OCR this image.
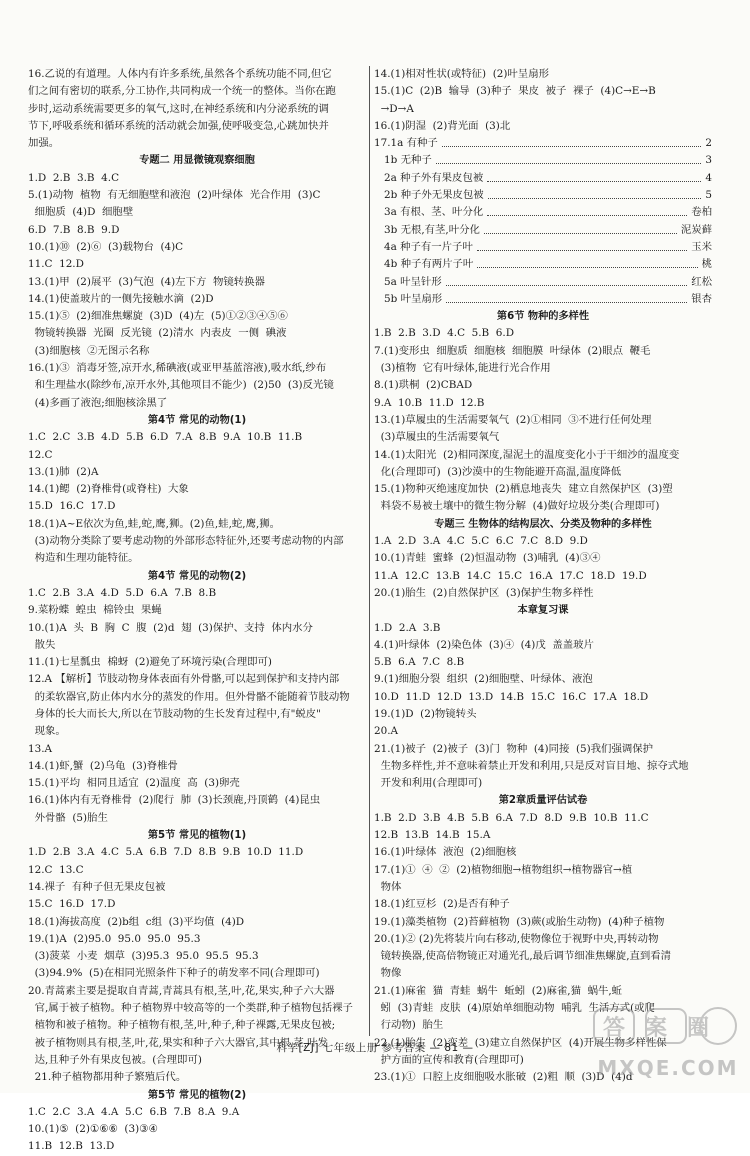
16.乙说的有道理。人体内有许多系统,虽然各个系统功能不同,但它
们之间有密切的联系,分工协作,共同构成一个统一的整体。当你在跑
步时,运动系统需要更多的氧气,这时,在神经系统和内分泌系统的调
节下,呼吸系统和循环系统的活动就会加强,使呼吸变急,心跳加快并
加强。
专题二 用显微镜观察细胞
1.D  2.B  3.B  4.C
5.(1)动物  植物  有无细胞壁和液泡  (2)叶绿体  光合作用  (3)C
细胞质  (4)D  细胞壁
6.D  7.B  8.B  9.D
10.(1)⑩  (2)⑥  (3)载物台  (4)C
11.C  12.D
13.(1)甲  (2)展平  (3)气泡  (4)左下方  物镜转换器
14.(1)使盖玻片的一侧先接触水滴  (2)D
15.(1)⑤  (2)细准焦螺旋  (3)D  (4)左  (5)①②③④⑤⑥
物镜转换器  光圈  反光镜  (2)清水  内表皮  一侧  碘液
(3)细胞核  ②无图示名称
16.(1)③  消毒牙签,凉开水,稀碘液(或亚甲基蓝溶液),吸水纸,纱布
和生理盐水(除纱布,凉开水外,其他项目不能少)  (2)50  (3)反光镜
(4)多画了液泡;细胞核涂黑了
第4节 常见的动物(1)
1.C  2.C  3.B  4.D  5.B  6.D  7.A  8.B  9.A  10.B  11.B
12.C
13.(1)肺  (2)A
14.(1)鳃  (2)脊椎骨(或脊柱)  大象
15.D  16.C  17.D
18.(1)A~E依次为鱼,蛙,蛇,鹰,狮。(2)鱼,蛙,蛇,鹰,狮。
(3)动物分类除了要考虑动物的外部形态特征外,还要考虑动物的内部
构造和生理功能特征。
第4节 常见的动物(2)
1.C  2.B  3.A  4.D  5.D  6.A  7.B  8.B
9.菜粉蝶  蝗虫  棉铃虫  果蝇
10.(1)A  头  B  胸  C  腹  (2)d  翅  (3)保护、支持  体内水分
散失
11.(1)七星瓢虫  棉蚜  (2)避免了环境污染(合理即可)
12.A 【解析】节肢动物身体表面有外骨骼,可以起到保护和支持内部
的柔软器官,防止体内水分的蒸发的作用。但外骨骼不能随着节肢动物
身体的长大而长大,所以在节肢动物的生长发育过程中,有"蜕皮"
现象。
13.A
14.(1)虾,蟹  (2)乌龟  (3)脊椎骨
15.(1)平均  相同且适宜  (2)温度  高  (3)卵壳
16.(1)体内有无脊椎骨  (2)爬行  肺  (3)长颈鹿,丹顶鹤  (4)昆虫
外骨骼  (5)胎生
第5节 常见的植物(1)
1.D  2.B  3.A  4.C  5.A  6.B  7.D  8.B  9.B  10.D  11.D
12.C  13.C
14.裸子  有种子但无果皮包被
15.C  16.D  17.D
18.(1)海拔高度  (2)b组  c组  (3)平均值  (4)D
19.(1)A  (2)95.0  95.0  95.0  95.3
(3)菠菜  小麦  烟草  (3)95.3  95.0  95.5  95.3
(3)94.9%  (5)在相同光照条件下种子的萌发率不同(合理即可)
20.青蒿素主要是提取自青蒿,青蒿具有根,茎,叶,花,果实,种子六大器
官,属于被子植物。种子植物界中较高等的一个类群,种子植物包括裸子
植物和被子植物。种子植物有根,茎,叶,种子,种子裸露,无果皮包被;
被子植物则具有根,茎,叶,花,果实和种子六大器官,其中根,茎,叶发
达,且种子外有果皮包被。(合理即可)
21.种子植物都用种子繁殖后代。
第5节 常见的植物(2)
1.C  2.C  3.A  4.A  5.C  6.B  7.B  8.A  9.A
10.(1)⑤  (2)①⑥⑥  (3)③④
11.B  12.B  13.D
14.(1)相对性状(或特征)  (2)叶呈扇形
15.(1)C  (2)B  输导  (3)种子  果皮  被子  裸子  (4)C→E→B
→D→A
16.(1)阴湿  (2)背光面  (3)北
17.1a 有种子	2
1b 无种子	3
2a 种子外有果皮包被	4
2b 种子外无果皮包被	5
3a 有根、茎、叶分化	卷柏
3b 无根,有茎,叶分化	泥炭藓
4a 种子有一片子叶	玉米
4b 种子有两片子叶	桃
5a 叶呈针形	红松
5b 叶呈扇形	银杏
第6节 物种的多样性
1.B  2.B  3.D  4.C  5.B  6.D
7.(1)变形虫  细胞质  细胞核  细胞膜  叶绿体  (2)眼点  鞭毛
(3)植物  它有叶绿体,能进行光合作用
8.(1)珙桐  (2)CBAD
9.A  10.B  11.D  12.B
13.(1)草履虫的生活需要氧气  (2)①相同  ③不进行任何处理
(3)草履虫的生活需要氧气
14.(1)太阳光  (2)相同深度,湿泥土的温度变化小于干细沙的温度变
化(合理即可)  (3)沙漠中的生物能避开高温,温度降低
15.(1)物种灭绝速度加快  (2)栖息地丧失  建立自然保护区  (3)塑
料袋不易被土壤中的微生物分解  (4)做好垃圾分类(合理即可)
专题三 生物体的结构层次、分类及物种的多样性
1.A  2.D  3.A  4.C  5.C  6.C  7.C  8.D  9.D
10.(1)青蛙  蜜蜂  (2)恒温动物  (3)哺乳  (4)③④
11.A  12.C  13.B  14.C  15.C  16.A  17.C  18.D  19.D
20.(1)胎生  (2)自然保护区  (3)保护生物多样性
本章复习课
1.D  2.A  3.B
4.(1)叶绿体  (2)染色体  (3)④  (4)戊  盖盖玻片
5.B  6.A  7.C  8.B
9.(1)细胞分裂  组织  (2)细胞壁、叶绿体、液泡
10.D  11.D  12.D  13.D  14.B  15.C  16.C  17.A  18.D
19.(1)D  (2)物镜转头
20.A
21.(1)被子  (2)被子  (3)门  物种  (4)同接  (5)我们强调保护
生物多样性,并不意味着禁止开发和利用,只是反对盲目地、掠夺式地
开发和利用(合理即可)
第2章质量评估试卷
1.B  2.D  3.B  4.B  5.B  6.A  7.D  8.D  9.B  10.B  11.C
12.B  13.B  14.B  15.A
16.(1)叶绿体  液泡  (2)细胞核
17.(1)①  ④  ②  (2)植物细胞→植物组织→植物器官→植
物体
18.(1)红豆杉  (2)是否有种子
19.(1)藻类植物  (2)苔藓植物  (3)蕨(或胎生动物)  (4)种子植物
20.(1)② (2)先将装片向右移动,使物像位于视野中央,再转动物
镜转换器,使高倍物镜正对通光孔,最后调节细准焦螺旋,直到看清
物像
21.(1)麻雀  猫  青蛙  蜗牛  蚯蚓  (2)麻雀,猫  蜗牛,蚯
蚓  (3)青蛙  皮肤  (4)原始单细胞动物  哺乳  生活方式(或爬
行动物)  胎生
22.(1)胎生  (2)变差  (3)建立自然保护区  (4)开展生物多样性保
护方面的宣传和教育(合理即可)
23.(1)①  口腔上皮细胞吸水胀破  (2)粗  顺  (3)D  (4)d
科学[ZJ] 七年级上册 参考答案 — 81 —
答案圈
MXQE.COM
